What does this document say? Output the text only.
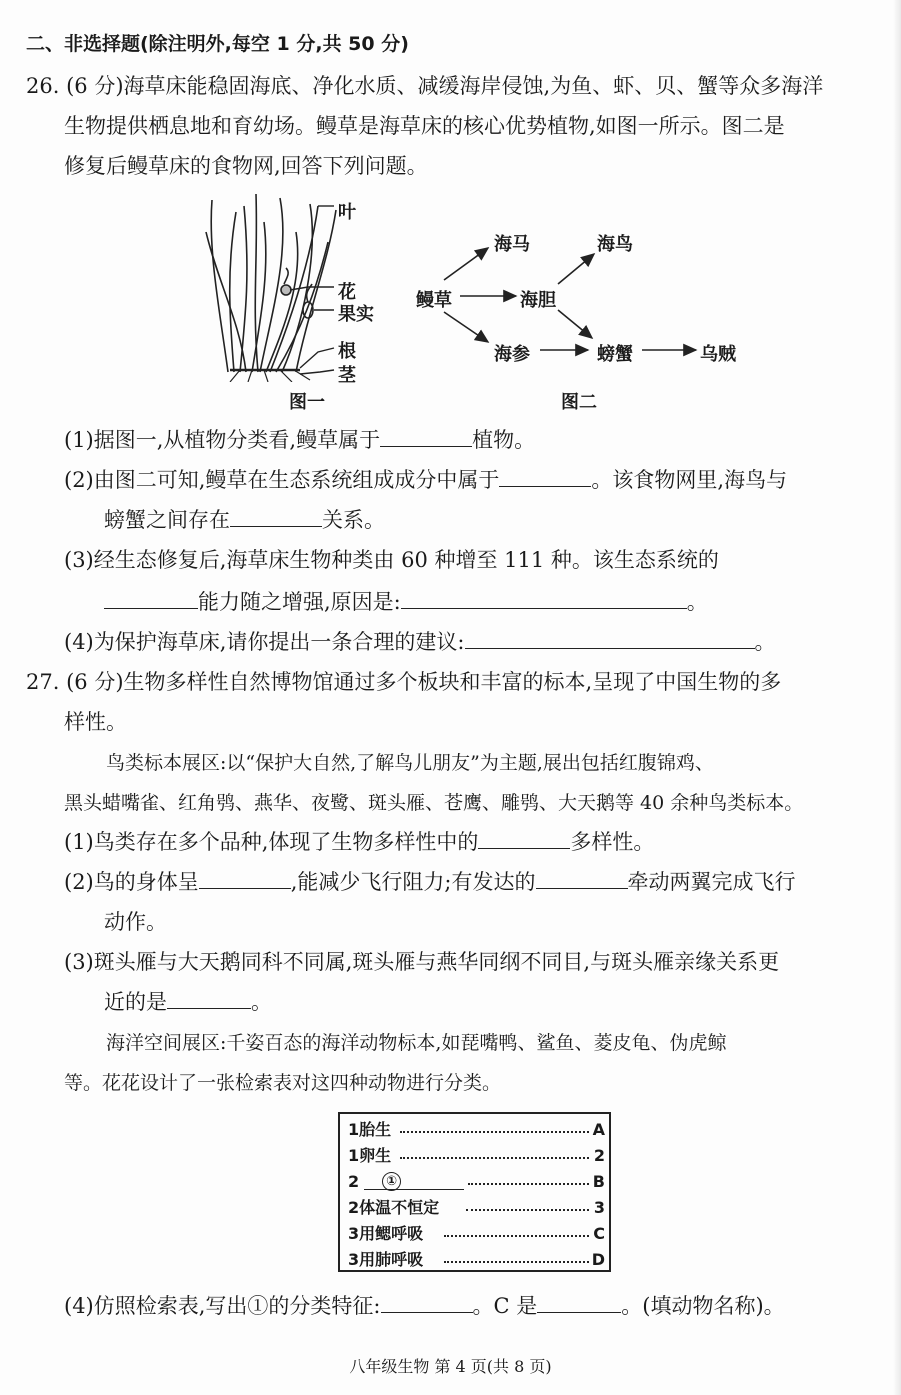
二、非选择题(除注明外,每空 1 分,共 50 分)
26. (6 分)海草床能稳固海底、净化水质、减缓海岸侵蚀,为鱼、虾、贝、蟹等众多海洋
生物提供栖息地和育幼场。鳗草是海草床的核心优势植物,如图一所示。图二是
修复后鳗草床的食物网,回答下列问题。
叶
花
果实
根
茎
图一
鳗草
海马	海鸟
海胆
海参	螃蟹	乌贼
图二
(1)据图一,从植物分类看,鳗草属于	植物。
(2)由图二可知,鳗草在生态系统组成成分中属于	。该食物网里,海鸟与
螃蟹之间存在	关系。
(3)经生态修复后,海草床生物种类由 60 种增至 111 种。该生态系统的
能力随之增强,原因是:	。
(4)为保护海草床,请你提出一条合理的建议:	。
27. (6 分)生物多样性自然博物馆通过多个板块和丰富的标本,呈现了中国生物的多
样性。
鸟类标本展区:以“保护大自然,了解鸟儿朋友”为主题,展出包括红腹锦鸡、
黑头蜡嘴雀、红角鸮、燕华、夜鹭、斑头雁、苍鹰、雕鸮、大天鹅等 40 余种鸟类标本。
(1)鸟类存在多个品种,体现了生物多样性中的	多样性。
(2)鸟的身体呈	,能减少飞行阻力;有发达的	牵动两翼完成飞行
动作。
(3)斑头雁与大天鹅同科不同属,斑头雁与燕华同纲不同目,与斑头雁亲缘关系更
近的是	。
海洋空间展区:千姿百态的海洋动物标本,如琵嘴鸭、鲨鱼、菱皮龟、伪虎鲸
等。花花设计了一张检索表对这四种动物进行分类。
1胎生	A
1卵生	2
2	①	B
2体温不恒定	3
3用鳃呼吸	C
3用肺呼吸	D
(4)仿照检索表,写出①的分类特征:	。C 是	。(填动物名称)。
八年级生物 第 4 页(共 8 页)
